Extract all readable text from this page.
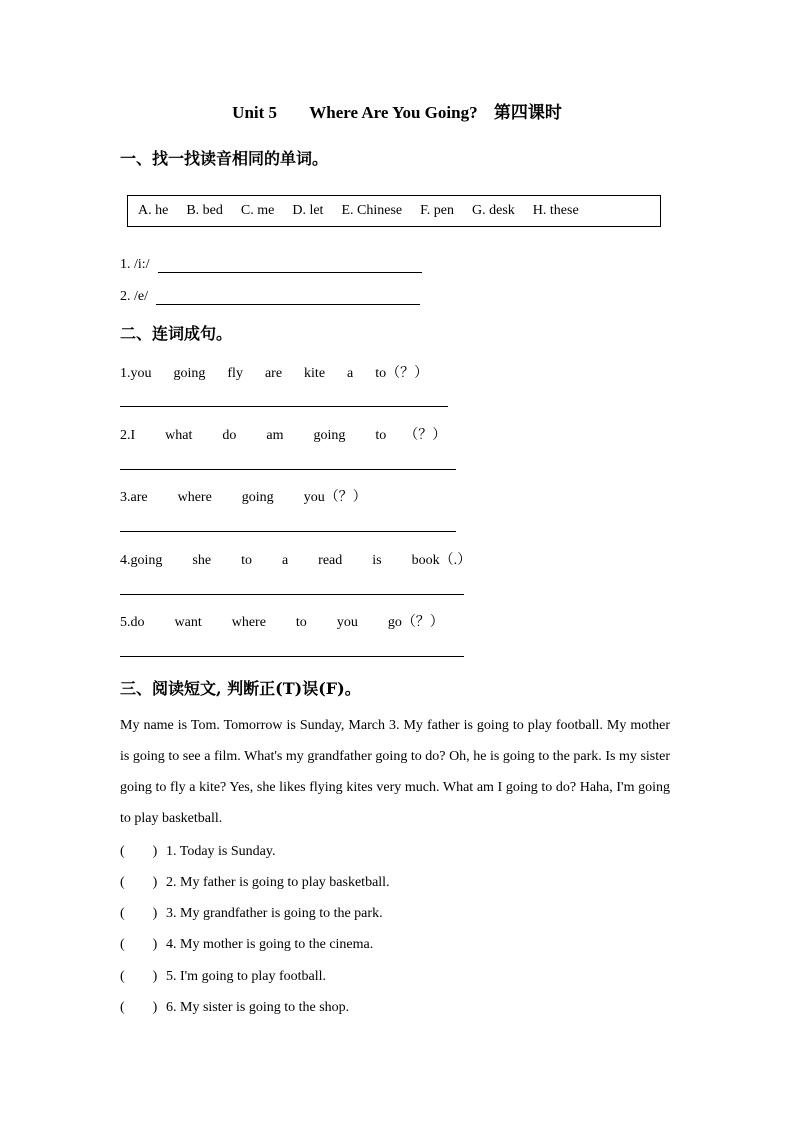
Unit 5 Where Are You Going? 第四课时
一、找一找读音相同的单词。
A. he B. bed C. me D. let E. Chinese F. pen G. desk H. these
1. /i:/
2. /e/
二、连词成句。
1.you going fly are kite a to（？）
2.I what do am going to （？）
3.are where going you（？）
4.going she to a read is book（.）
5.do want where to you go（？）
三、阅读短文, 判断正(T)误(F)。
My name is Tom. Tomorrow is Sunday, March 3. My father is going to play football. My mother is going to see a film. What's my grandfather going to do? Oh, he is going to the park. Is my sister going to fly a kite? Yes, she likes flying kites very much. What am I going to do? Haha, I'm going to play basketball.
(　　) 1. Today is Sunday.
(　　) 2. My father is going to play basketball.
(　　) 3. My grandfather is going to the park.
(　　) 4. My mother is going to the cinema.
(　　) 5. I'm going to play football.
(　　) 6. My sister is going to the shop.
